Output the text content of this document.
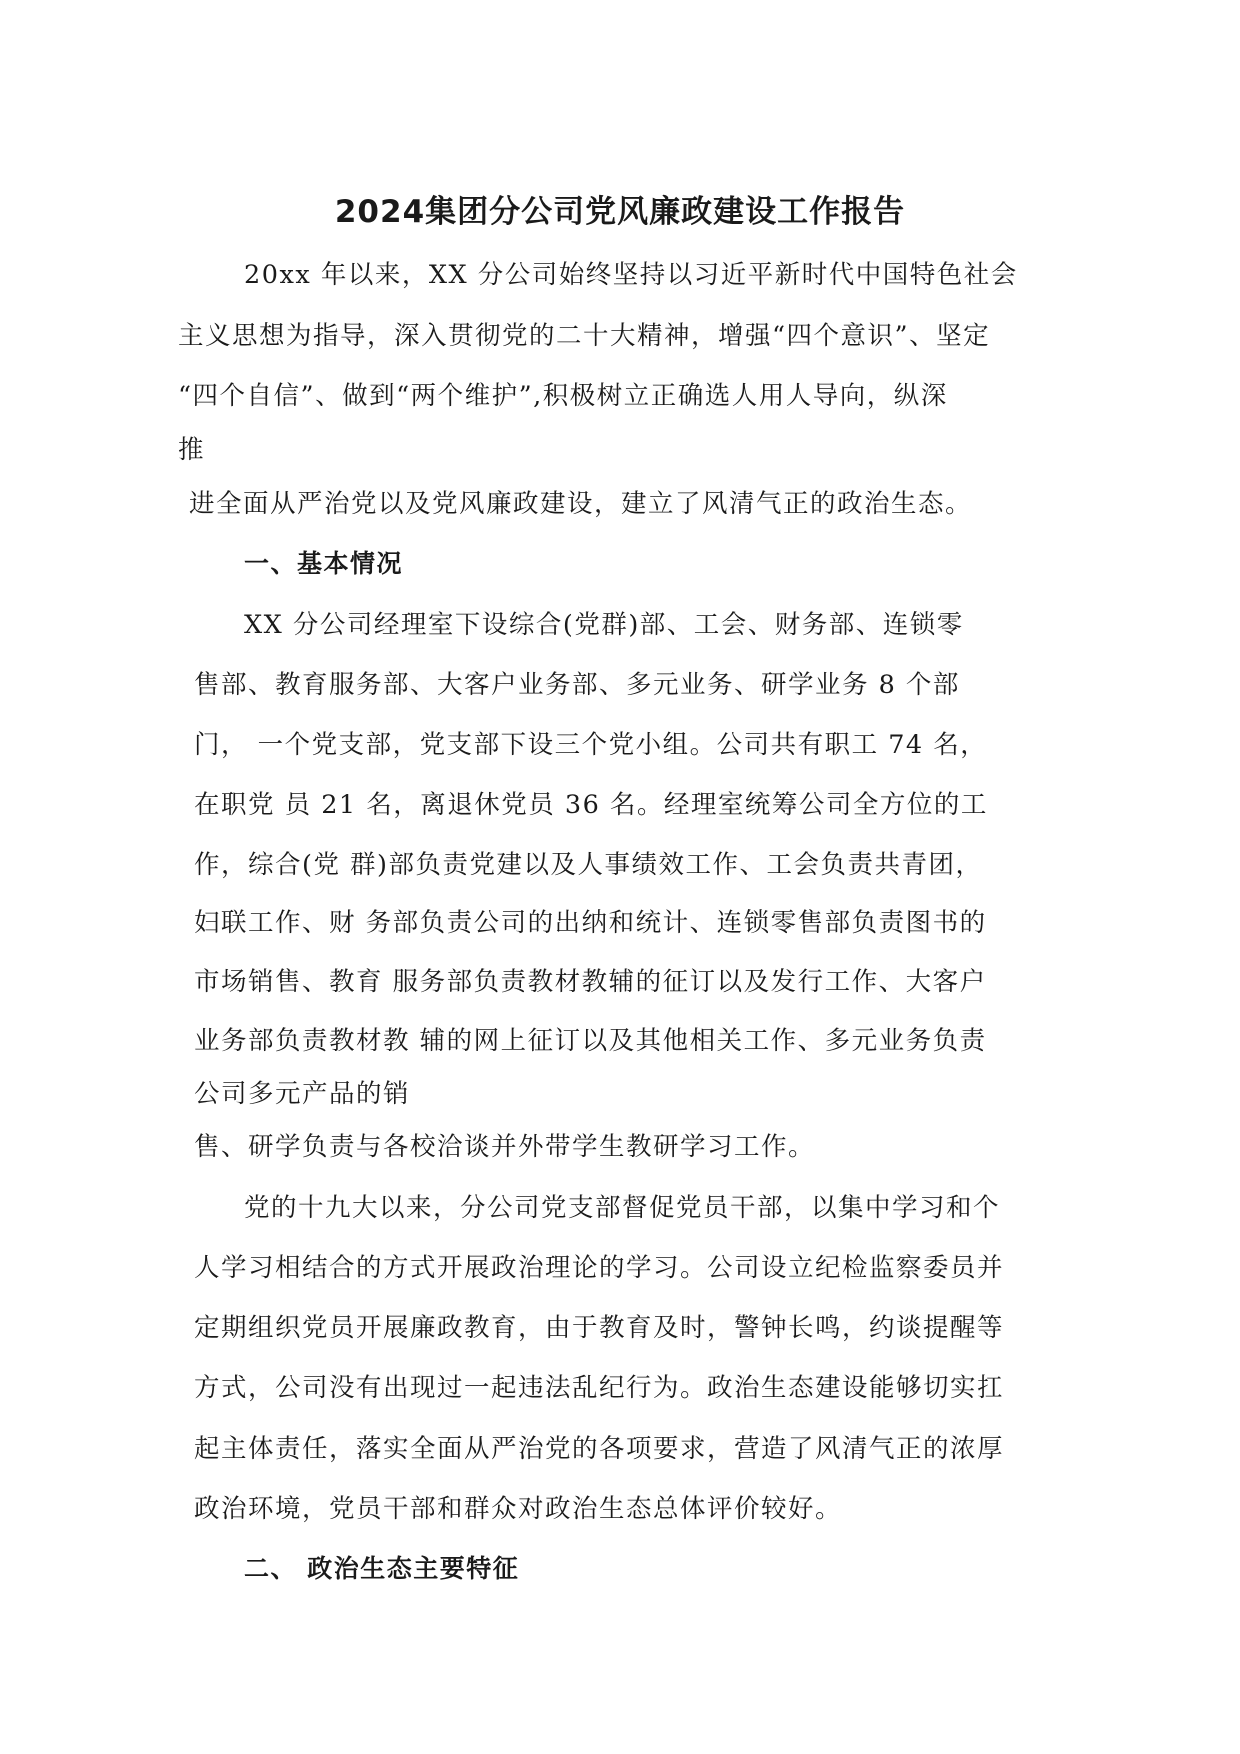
2024集团分公司党风廉政建设工作报告
20xx 年以来，XX 分公司始终坚持以习近平新时代中国特色社会
主义思想为指导，深入贯彻党的二十大精神，增强“四个意识”、坚定
“四个自信”、做到“两个维护”,积极树立正确选人用人导向，纵深
推
进全面从严治党以及党风廉政建设，建立了风清气正的政治生态。
一、基本情况
XX 分公司经理室下设综合(党群)部、工会、财务部、连锁零
售部、教育服务部、大客户业务部、多元业务、研学业务 8 个部
门， 一个党支部，党支部下设三个党小组。公司共有职工 74 名，
在职党 员 21 名，离退休党员 36 名。经理室统筹公司全方位的工
作，综合(党 群)部负责党建以及人事绩效工作、工会负责共青团，
妇联工作、财 务部负责公司的出纳和统计、连锁零售部负责图书的
市场销售、教育 服务部负责教材教辅的征订以及发行工作、大客户
业务部负责教材教 辅的网上征订以及其他相关工作、多元业务负责
公司多元产品的销
售、研学负责与各校洽谈并外带学生教研学习工作。
党的十九大以来，分公司党支部督促党员干部，以集中学习和个
人学习相结合的方式开展政治理论的学习。公司设立纪检监察委员并
定期组织党员开展廉政教育，由于教育及时，警钟长鸣，约谈提醒等
方式，公司没有出现过一起违法乱纪行为。政治生态建设能够切实扛
起主体责任，落实全面从严治党的各项要求，营造了风清气正的浓厚
政治环境，党员干部和群众对政治生态总体评价较好。
二、 政治生态主要特征
